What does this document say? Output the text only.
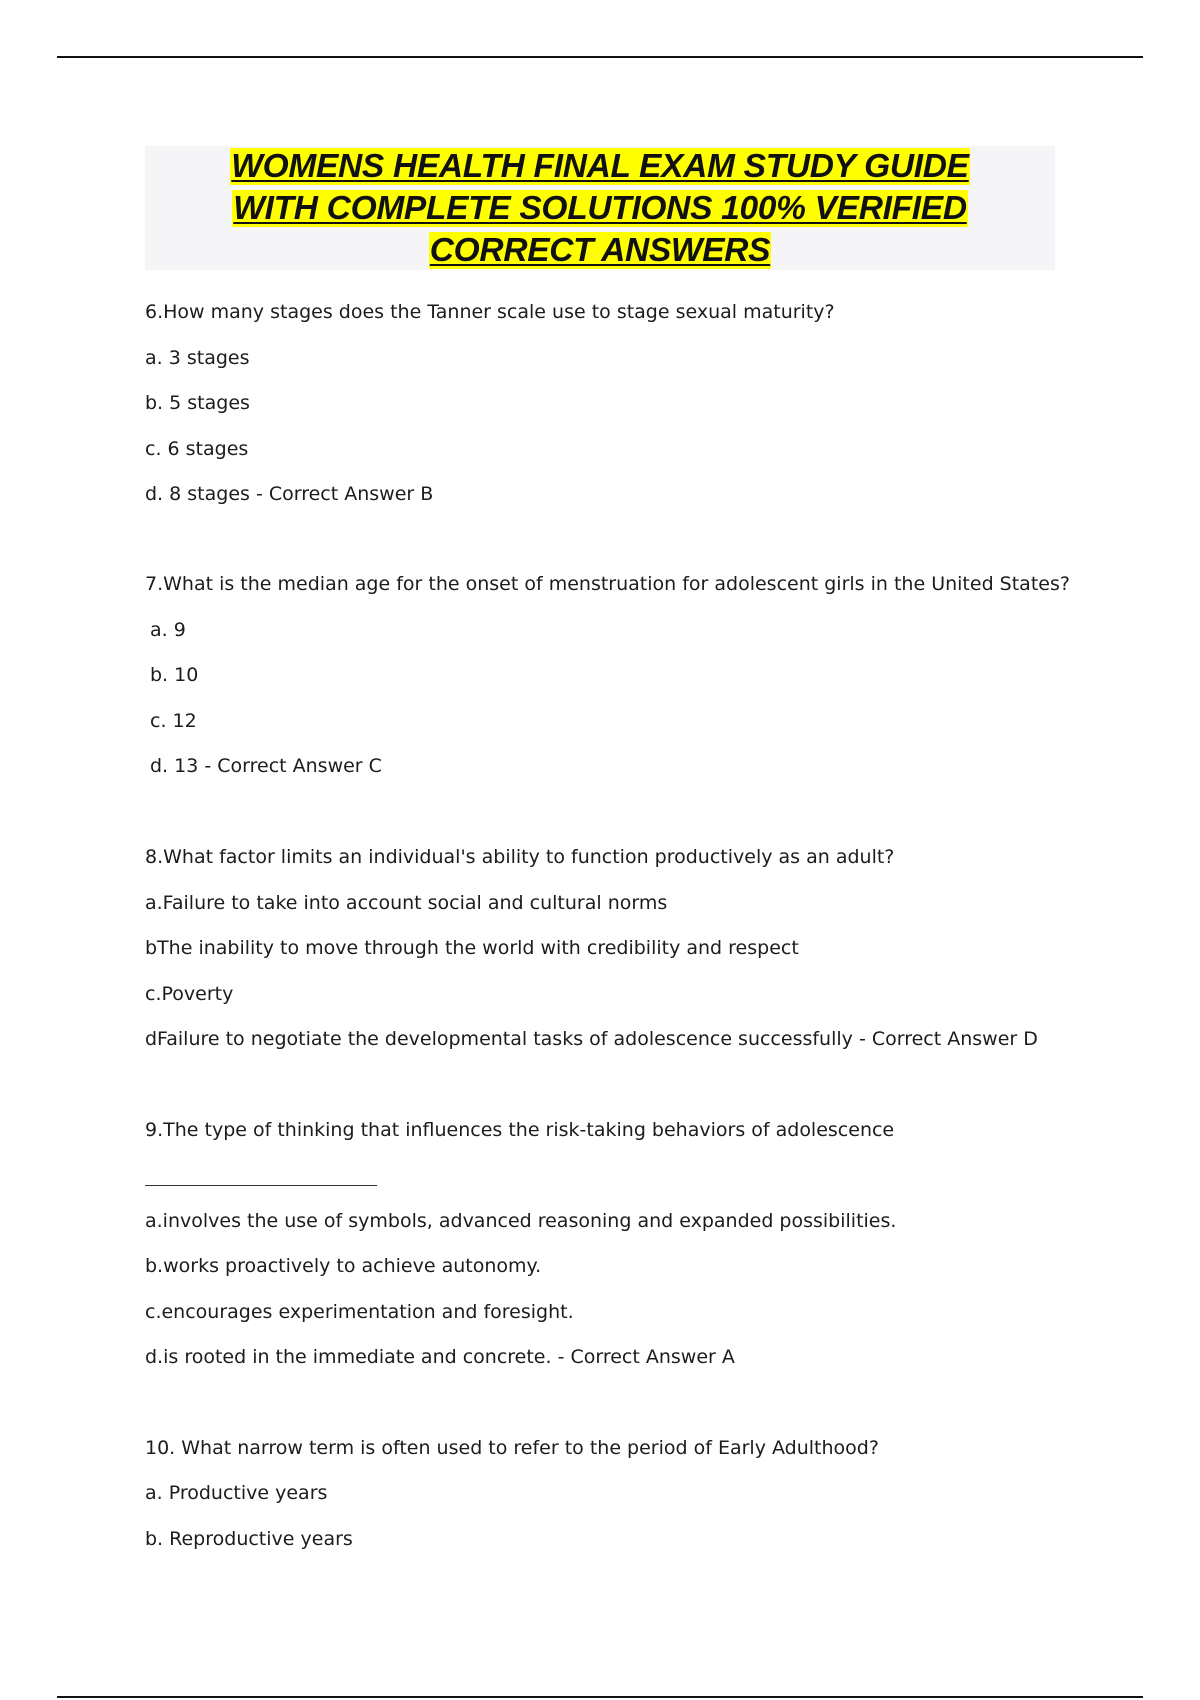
WOMENS HEALTH FINAL EXAM STUDY GUIDE
WITH COMPLETE SOLUTIONS 100% VERIFIED
CORRECT ANSWERS
6.How many stages does the Tanner scale use to stage sexual maturity?
a. 3 stages
b. 5 stages
c. 6 stages
d. 8 stages - Correct Answer B
7.What is the median age for the onset of menstruation for adolescent girls in the United States?
a. 9
b. 10
c. 12
d. 13 - Correct Answer C
8.What factor limits an individual's ability to function productively as an adult?
a.Failure to take into account social and cultural norms
bThe inability to move through the world with credibility and respect
c.Poverty
dFailure to negotiate the developmental tasks of adolescence successfully - Correct Answer D
9.The type of thinking that influences the risk-taking behaviors of adolescence
a.involves the use of symbols, advanced reasoning and expanded possibilities.
b.works proactively to achieve autonomy.
c.encourages experimentation and foresight.
d.is rooted in the immediate and concrete. - Correct Answer A
10. What narrow term is often used to refer to the period of Early Adulthood?
a. Productive years
b. Reproductive years
